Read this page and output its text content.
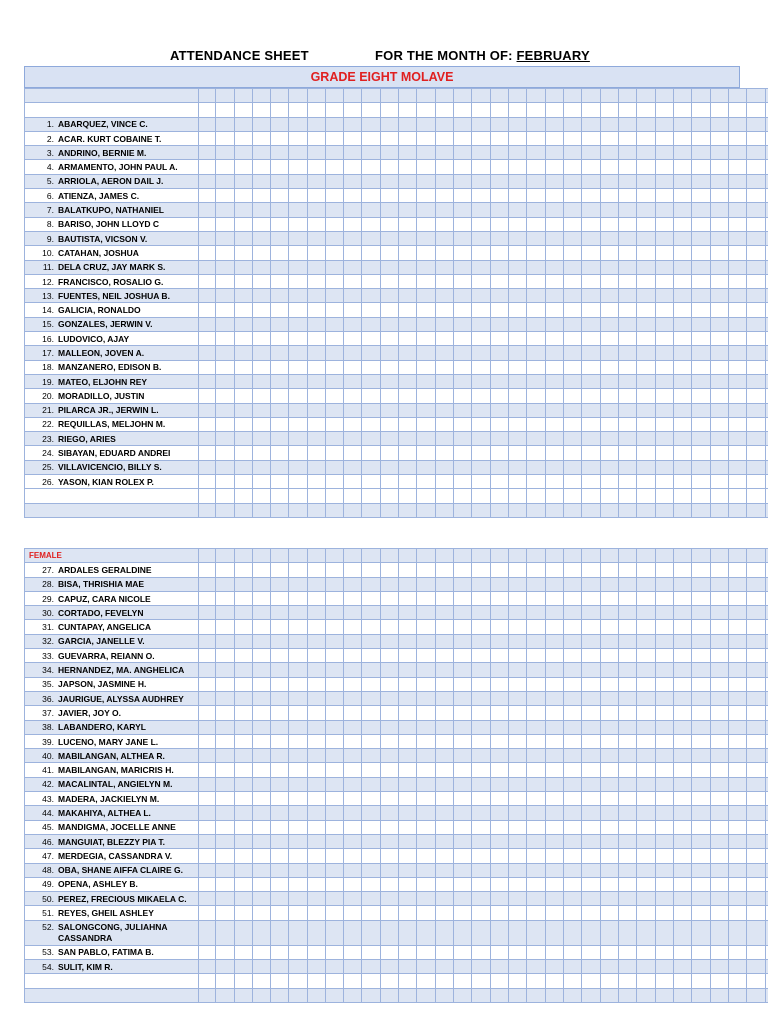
ATTENDANCE SHEET	FOR THE MONTH OF: FEBRUARY
GRADE EIGHT MOLAVE

1. ABARQUEZ, VINCE C.																																
2. ACAR. KURT COBAINE T.																																
3. ANDRINO, BERNIE M.																																
4. ARMAMENTO, JOHN PAUL A.																																
5. ARRIOLA, AERON DAIL J.																																
6. ATIENZA, JAMES C.																																
7. BALATKUPO, NATHANIEL																																
8. BARISO, JOHN LLOYD C																																
9. BAUTISTA, VICSON V.																																
10. CATAHAN, JOSHUA																																
11. DELA CRUZ, JAY MARK S.																																
12. FRANCISCO, ROSALIO G.																																
13. FUENTES, NEIL JOSHUA B.																																
14. GALICIA, RONALDO																																
15. GONZALES, JERWIN V.																																
16. LUDOVICO, AJAY																																
17. MALLEON, JOVEN A.																																
18. MANZANERO, EDISON B.																																
19. MATEO, ELJOHN REY																																
20. MORADILLO, JUSTIN																																
21. PILARCA JR., JERWIN L.																																
22. REQUILLAS, MELJOHN M.																																
23. RIEGO, ARIES																																
24. SIBAYAN, EDUARD ANDREI																																
25. VILLAVICENCIO, BILLY S.																																
26. YASON, KIAN ROLEX P.																																

FEMALE																																
27. ARDALES GERALDINE																																
28. BISA, THRISHIA MAE																																
29. CAPUZ, CARA NICOLE																																
30. CORTADO, FEVELYN																																
31. CUNTAPAY, ANGELICA																																
32. GARCIA, JANELLE V.																																
33. GUEVARRA, REIANN O.																																
34. HERNANDEZ, MA. ANGHELICA																																
35. JAPSON, JASMINE H.																																
36. JAURIGUE, ALYSSA AUDHREY																																
37. JAVIER, JOY O.																																
38. LABANDERO, KARYL																																
39. LUCENO, MARY JANE L.																																
40. MABILANGAN, ALTHEA R.																																
41. MABILANGAN, MARICRIS H.																																
42. MACALINTAL, ANGIELYN M.																																
43. MADERA, JACKIELYN M.																																
44. MAKAHIYA, ALTHEA L.																																
45. MANDIGMA, JOCELLE ANNE																																
46. MANGUIAT, BLEZZY PIA T.																																
47. MERDEGIA, CASSANDRA V.																																
48. OBA, SHANE AIFFA CLAIRE G.																																
49. OPENA, ASHLEY B.																																
50. PEREZ, FRECIOUS MIKAELA C.																																
51. REYES, GHEIL ASHLEY																																
52. SALONGCONG, JULIAHNA CASSANDRA																																
53. SAN PABLO, FATIMA B.																																
54. SULIT, KIM R.																																
